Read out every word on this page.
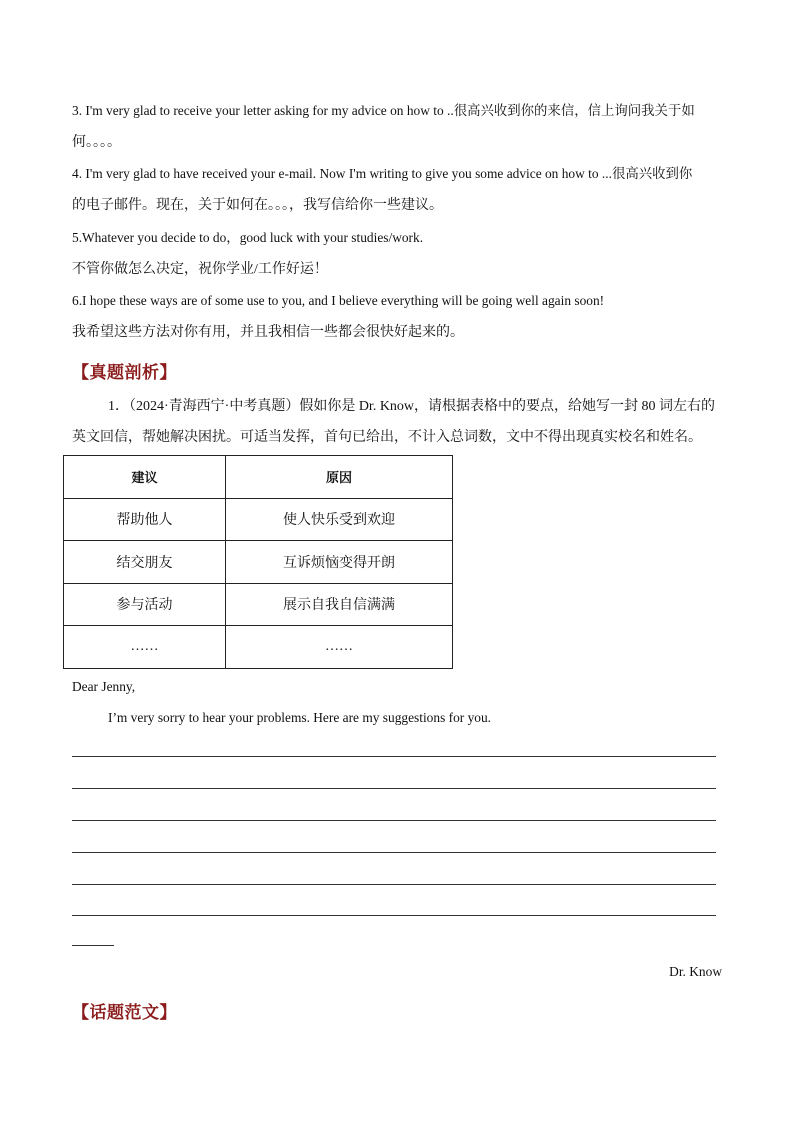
3. I'm very glad to receive your letter asking for my advice on how to ..很高兴收到你的来信，信上询问我关于如
何。。。。
4. I'm very glad to have received your e-mail. Now I'm writing to give you some advice on how to ...很高兴收到你
的电子邮件。现在，关于如何在。。。，我写信给你一些建议。
5.Whatever you decide to do，good luck with your studies/work.
不管你做怎么决定，祝你学业/工作好运！
6.I hope these ways are of some use to you, and I believe everything will be going well again soon!
我希望这些方法对你有用，并且我相信一些都会很快好起来的。
【真题剖析】
1．（2024·青海西宁·中考真题）假如你是 Dr. Know，请根据表格中的要点，给她写一封 80 词左右的
英文回信，帮她解决困扰。可适当发挥，首句已给出，不计入总词数，文中不得出现真实校名和姓名。
建议	原因
帮助他人	使人快乐受到欢迎
结交朋友	互诉烦恼变得开朗
参与活动	展示自我自信满满
……	……
Dear Jenny,
I’m very sorry to hear your problems. Here are my suggestions for you.
Dr. Know
【话题范文】
